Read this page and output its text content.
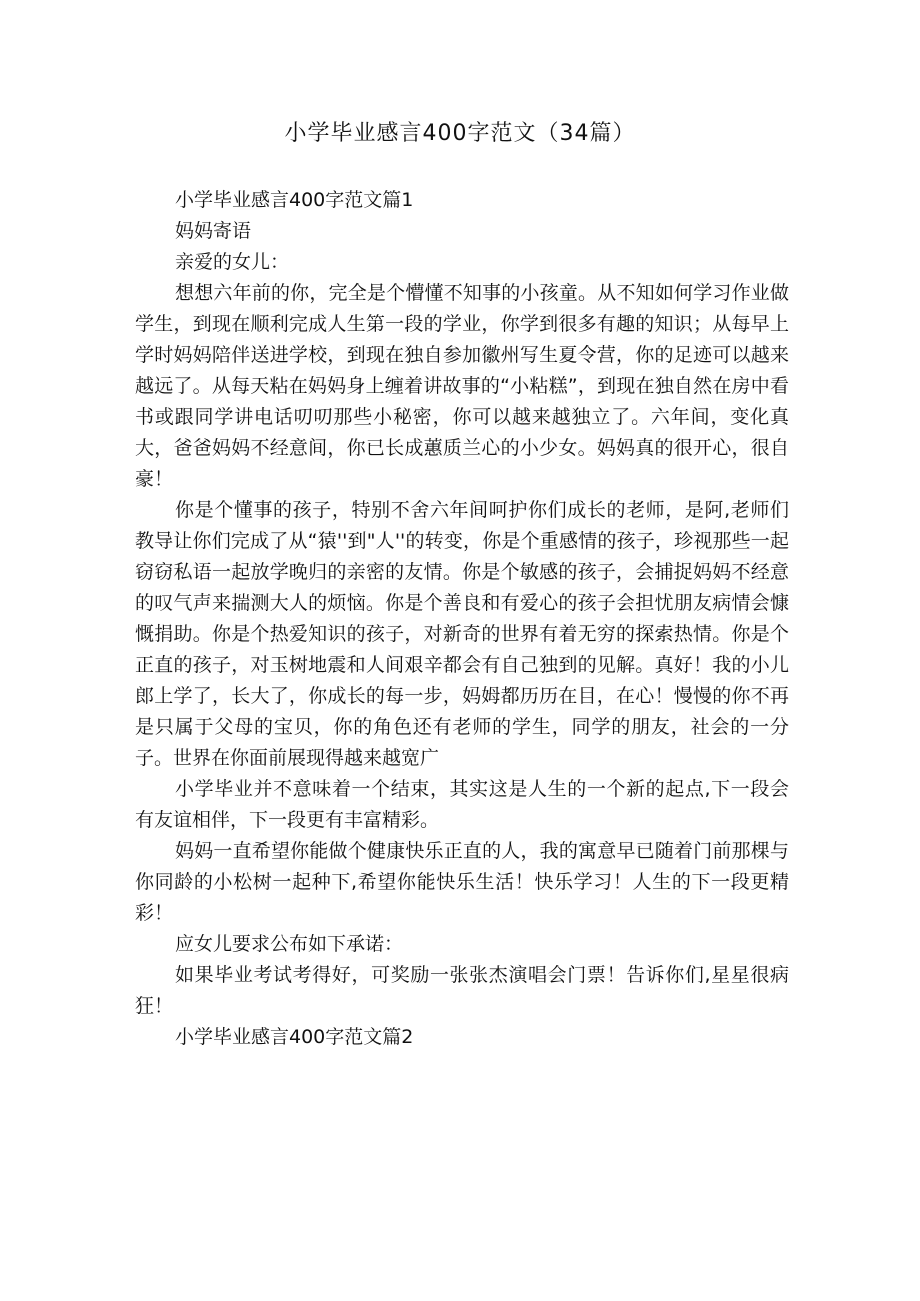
小学毕业感言400字范文（34篇）

小学毕业感言400字范文篇1

妈妈寄语

亲爱的女儿：

想想六年前的你，完全是个懵懂不知事的小孩童。从不知如何学习作业做学生，到现在顺利完成人生第一段的学业，你学到很多有趣的知识；从每早上学时妈妈陪伴送进学校，到现在独自参加徽州写生夏令营，你的足迹可以越来越远了。从每天粘在妈妈身上缠着讲故事的“小粘糕”，到现在独自然在房中看书或跟同学讲电话叨叨那些小秘密，你可以越来越独立了。六年间，变化真大，爸爸妈妈不经意间，你已长成蕙质兰心的小少女。妈妈真的很开心，很自豪！

你是个懂事的孩子，特别不舍六年间呵护你们成长的老师，是阿,老师们教导让你们完成了从“猿''到"人''的转变，你是个重感情的孩子，珍视那些一起窃窃私语一起放学晚归的亲密的友情。你是个敏感的孩子，会捕捉妈妈不经意的叹气声来揣测大人的烦恼。你是个善良和有爱心的孩子会担忧朋友病情会慷慨捐助。你是个热爱知识的孩子，对新奇的世界有着无穷的探索热情。你是个正直的孩子，对玉树地震和人间艰辛都会有自己独到的见解。真好！我的小儿郎上学了，长大了，你成长的每一步，妈姆都历历在目，在心！慢慢的你不再是只属于父母的宝贝，你的角色还有老师的学生，同学的朋友，社会的一分子。世界在你面前展现得越来越宽广

小学毕业并不意味着一个结束，其实这是人生的一个新的起点,下一段会有友谊相伴，下一段更有丰富精彩。

妈妈一直希望你能做个健康快乐正直的人，我的寓意早已随着门前那棵与你同龄的小松树一起种下,希望你能快乐生活！快乐学习！人生的下一段更精彩！

应女儿要求公布如下承诺：

如果毕业考试考得好，可奖励一张张杰演唱会门票！告诉你们,星星很病狂！

小学毕业感言400字范文篇2
